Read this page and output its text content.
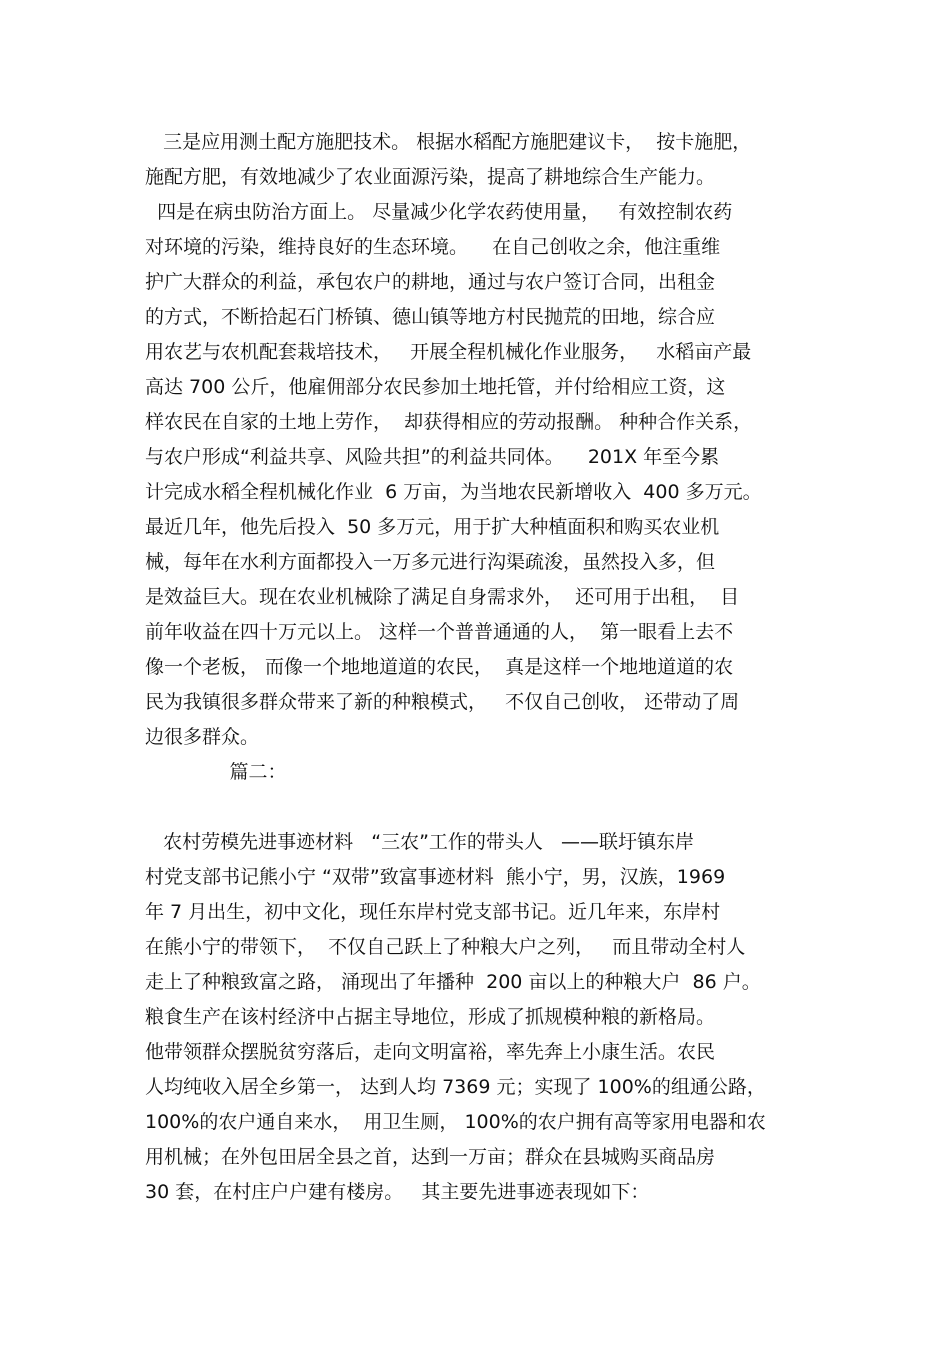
三是应用测土配方施肥技术。 根据水稻配方施肥建议卡，  按卡施肥，
施配方肥，有效地减少了农业面源污染，提高了耕地综合生产能力。
四是在病虫防治方面上。 尽量减少化学农药使用量，   有效控制农药
对环境的污染，维持良好的生态环境。    在自己创收之余，他注重维
护广大群众的利益，承包农户的耕地，通过与农户签订合同，出租金
的方式，不断拾起石门桥镇、德山镇等地方村民抛荒的田地，综合应
用农艺与农机配套栽培技术，   开展全程机械化作业服务，   水稻亩产最
高达 700 公斤，他雇佣部分农民参加土地托管，并付给相应工资，这
样农民在自家的土地上劳作，  却获得相应的劳动报酬。 种种合作关系，
与农户形成“利益共享、风险共担”的利益共同体。    201X 年至今累
计完成水稻全程机械化作业  6 万亩，为当地农民新增收入  400 多万元。
最近几年，他先后投入  50 多万元，用于扩大种植面积和购买农业机
械，每年在水利方面都投入一万多元进行沟渠疏浚，虽然投入多，但
是效益巨大。现在农业机械除了满足自身需求外，  还可用于出租，  目
前年收益在四十万元以上。 这样一个普普通通的人，  第一眼看上去不
像一个老板， 而像一个地地道道的农民，  真是这样一个地地道道的农
民为我镇很多群众带来了新的种粮模式，   不仅自己创收， 还带动了周
边很多群众。
篇二：
农村劳模先进事迹材料   “三农”工作的带头人   ——联圩镇东岸
村党支部书记熊小宁 “双带”致富事迹材料  熊小宁，男，汉族，1969
年 7 月出生，初中文化，现任东岸村党支部书记。近几年来，东岸村
在熊小宁的带领下，  不仅自己跃上了种粮大户之列，   而且带动全村人
走上了种粮致富之路， 涌现出了年播种  200 亩以上的种粮大户  86 户。
粮食生产在该村经济中占据主导地位，形成了抓规模种粮的新格局。
他带领群众摆脱贫穷落后，走向文明富裕，率先奔上小康生活。农民
人均纯收入居全乡第一， 达到人均 7369 元；实现了 100%的组通公路，
100%的农户通自来水，  用卫生厕， 100%的农户拥有高等家用电器和农
用机械；在外包田居全县之首，达到一万亩；群众在县城购买商品房
30 套，在村庄户户建有楼房。   其主要先进事迹表现如下：
